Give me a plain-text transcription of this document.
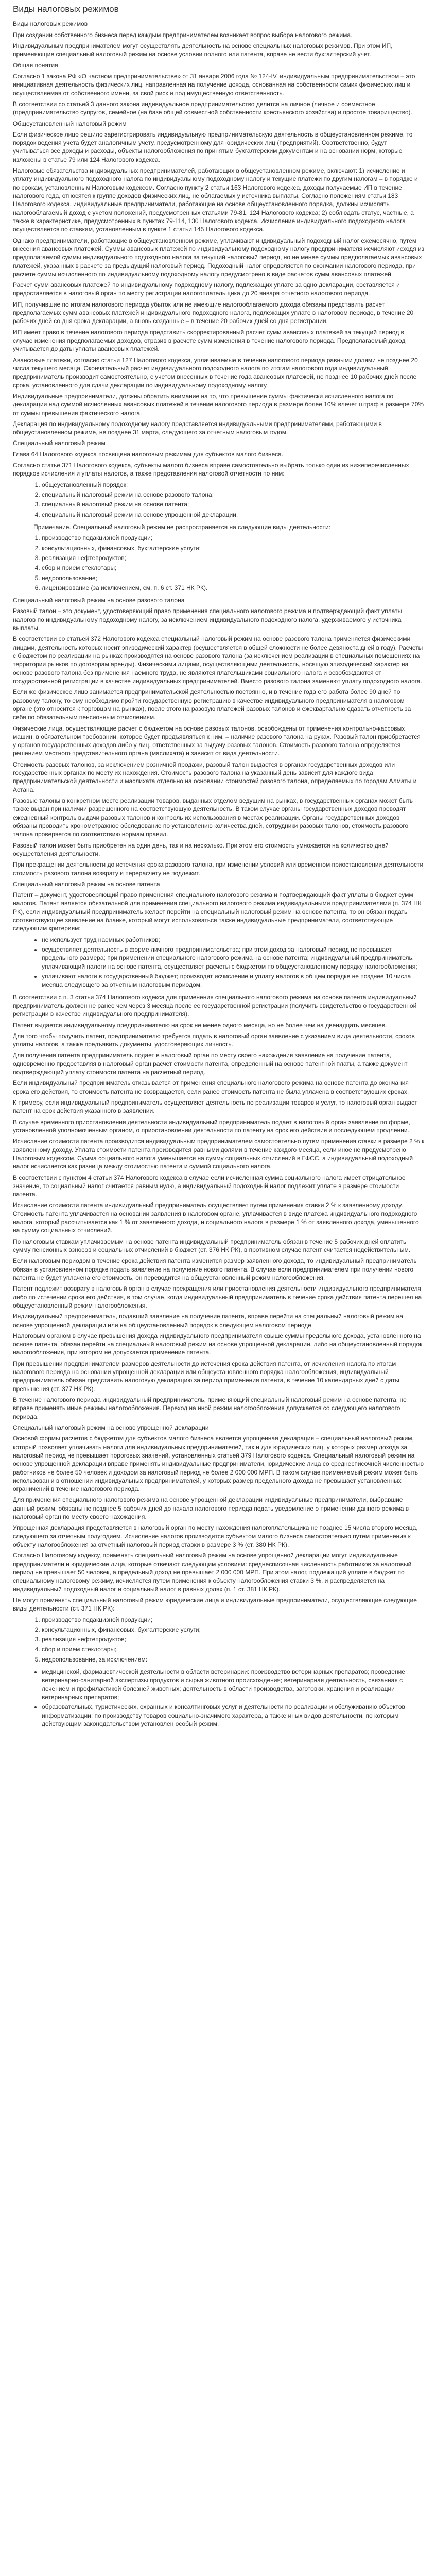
Виды налоговых режимов
Виды налоговых режимов

При создании собственного бизнеса перед каждым предпринимателем возникает вопрос выбора налогового режима.

Индивидуальным предпринимателем могут осуществлять деятельность на основе специальных налоговых режимов. При этом ИП, применяющие специальный налоговый режим на основе условии полного или патента, вправе не вести бухгалтерский учет.

Общая понятия

Согласно 1 закона РФ «О частном предпринимательстве» от 31 января 2006 года № 124-IV, индивидуальным предпринимательством – это инициативная деятельность физических лиц, направленная на получение дохода, основанная на собственности самих физических лиц и осуществляемая от собственного имени, за свой риск и под имущественную ответственность.

В соответствии со статьей 3 данного закона индивидуальное предпринимательство делится на личное (личное и совместное (предпринимательство супругов, семейное (на базе общей совместной собственности крестьянского хозяйства) и простое товарищество).

Общеустановленный налоговый режим

Если физическое лицо решило зарегистрировать индивидуальную предпринимательскую деятельность в общеустановленном режиме, то порядок ведения учета будет аналогичным учету, предусмотренному для юридических лиц (предприятий). Соответственно, будут учитываться все доходы и расходы, объекты налогообложения по принятым бухгалтерским документам и на основании норм, которые изложены в статье 79 или 124 Налогового кодекса.

Налоговые обязательства индивидуальных предпринимателей, работающих в общеустановленном режиме, включают: 1) исчисление и уплату индивидуального подоходного налога по индивидуальному подоходному налогу и текущие платежи по другим налогам – в порядке и по срокам, установленным Налоговым кодексом. Согласно пункту 2 статьи 163 Налогового кодекса, доходы получаемые ИП в течение налогового года, относятся к группе доходов физических лиц, не облагаемых у источника выплаты. Согласно положениям статьи 183 Налогового кодекса, индивидуальные предприниматели, работающие на основе общеустановленного порядка, должны исчислять налогооблагаемый доход с учетом положений, предусмотренных статьями 79-81, 124 Налогового кодекса; 2) соблюдать статус, частные, а также в характеристике, предусмотренных в пунктах 79-114, 130 Налогового кодекса. Исчисление индивидуального подоходного налога осуществляется по ставкам, установленным в пункте 1 статьи 145 Налогового кодекса.

Однако предприниматели, работающие в общеустановленном режиме, уплачивают индивидуальный подоходный налог ежемесячно, путем внесения авансовых платежей. Суммы авансовых платежей по индивидуальному подоходному налогу предпринимателя исчисляют исходя из предполагаемой суммы индивидуального подоходного налога за текущий налоговый период, но не менее суммы предполагаемых авансовых платежей, указанных в расчете за предыдущий налоговый период. Подоходный налог определяется по окончании налогового периода, при расчете суммы исчисленного по индивидуальному подоходному налогу предусмотрено в виде расчетов сумм авансовых платежей.

Расчет сумм авансовых платежей по индивидуальному подоходному налогу, подлежащих уплате за одно декларации, составляется и предоставляется в налоговый орган по месту регистрации налогоплательщика до 20 января отчетного налогового периода.

ИП, получившие по итогам налогового периода убыток или не имеющие налогооблагаемого дохода обязаны представить расчет предполагаемых сумм авансовых платежей индивидуального подоходного налога, подлежащих уплате в налоговом периоде, в течение 20 рабочих дней со дня срока декларации, а вновь созданные – в течение 20 рабочих дней со дня регистрации.

ИП имеет право в течение налогового периода представить скорректированный расчет сумм авансовых платежей за текущий период в случае изменения предполагаемых доходов, отразив в расчете сумм изменения в течение налогового периода. Предполагаемый доход учитывается до даты уплаты авансовых платежей.

Авансовые платежи, согласно статьи 127 Налогового кодекса, уплачиваемые в течение налогового периода равными долями не позднее 20 числа текущего месяца. Окончательный расчет индивидуального подоходного налога по итогам налогового года индивидуальный предприниматель производит самостоятельно, с учетом внесенных в течение года авансовых платежей, не позднее 10 рабочих дней после срока, установленного для сдачи декларации по индивидуальному подоходному налогу.

Индивидуальные предприниматели, должны обратить внимание на то, что превышение суммы фактически исчисленного налога по декларации над суммой исчисленных авансовых платежей в течение налогового периода в размере более 10% влечет штраф в размере 70% от суммы превышения фактического налога.

Декларация по индивидуальному подоходному налогу представляется индивидуальными предпринимателями, работающими в общеустановленном режиме, не позднее 31 марта, следующего за отчетным налоговым годом.

Специальный налоговый режим

Глава 64 Налогового кодекса посвящена налоговым режимам для субъектов малого бизнеса.

Согласно статье 371 Налогового кодекса, субъекты малого бизнеса вправе самостоятельно выбрать только один из нижеперечисленных порядков исчисления и уплаты налогов, а также представления налоговой отчетности по ним:

1. общеустановленный порядок;
2. специальный налоговый режим на основе разового талона;
3. специальный налоговый режим на основе патента;
4. специальный налоговый режим на основе упрощенной декларации.

Примечание. Специальный налоговый режим не распространяется на следующие виды деятельности:

1. производство подакцизной продукции;
2. консультационных, финансовых, бухгалтерские услуги;
3. реализация нефтепродуктов;
4. сбор и прием стеклотары;
5. недропользование;
6. лицензирование (за исключением, см. п. 6 ст. 371 НК РК).
Специальный налоговый режим на основе разового талона

Разовый талон – это документ, удостоверяющий право применения специального налогового режима и подтверждающий факт уплаты налогов по индивидуальному подоходному налогу, за исключением индивидуального подоходного налога, удерживаемого у источника выплаты.

В соответствии со статьей 372 Налогового кодекса специальный налоговый режим на основе разового талона применяется физическими лицами, деятельность которых носит эпизодический характер (осуществляется в общей сложности не более девяноста дней в году). Расчеты с бюджетом по реализации на рынках производятся на основе разового талона (за исключением реализации в специальных помещениях на территории рынков по договорам аренды). Физическими лицами, осуществляющими деятельность, носящую эпизодический характер на основе разового талона без применения наемного труда, не являются плательщиками социального налога и освобождаются от государственной регистрации в качестве индивидуальных предпринимателей. Вместо разового талона заменяют уплату подоходного налога.

Если же физическое лицо занимается предпринимательской деятельностью постоянно, и в течение года его работа более 90 дней по разовому талону, то ему необходимо пройти государственную регистрацию в качестве индивидуального предпринимателя в налоговом органе (это относится к торговцам на рынках), после этого на разовую платежей разовых талонов и ежеквартально сдавать отчетность за себя по обязательным пенсионным отчислениям.

Физические лица, осуществляющие расчет с бюджетом на основе разовых талонов, освобождены от применения контрольно-кассовых машин, в обязательном требовании, которое будет предъявляться к ним, – наличие разового талона на руках. Разовый талон приобретается у органов государственных доходов либо у лиц, ответственных за выдачу разовых талонов. Стоимость разового талона определяется решением местного представительного органа (маслихата) и зависит от вида деятельности.

Стоимость разовых талонов, за исключением розничной продажи, разовый талон выдается в органах государственных доходов или государственных органах по месту их нахождения. Стоимость разового талона на указанный день зависит для каждого вида предпринимательской деятельности и маслихата отдельно на основании стоимостей разового талона, определяемых по городам Алматы и Астана.

Разовые талоны в конкретном месте реализации товаров, выданных отделом ведущим на рынках, в государственных органах может быть также выдан при наличии разрешенного на соответствующую деятельность. В таком случае органы государственных доходов проводят ежедневный контроль выдачи разовых талонов и контроль их использования в местах реализации. Органы государственных доходов обязаны проводить хронометражное обследование по установлению количества дней, сотрудники разовых талонов, стоимость разового талона проверяется по соответствию нормам правил.

Разовый талон может быть приобретен на один день, так и на несколько. При этом его стоимость умножается на количество дней осуществления деятельности.

При прекращении деятельности до истечения срока разового талона, при изменении условий или временном приостановлении деятельности стоимость разового талона возврату и перерасчету не подлежит.

Специальный налоговый режим на основе патента

Патент – документ, удостоверяющий право применения специального налогового режима и подтверждающий факт уплаты в бюджет сумм налогов. Патент является обязательной для применения специального налогового режима индивидуальными предпринимателями (п. 374 НК РК), если индивидуальный предприниматель желает перейти на специальный налоговый режим на основе патента, то он обязан подать соответствующее заявление на бланке, который могут использоваться также индивидуальные предприниматели, соответствующие следующим критериям:

• не использует труд наемных работников;
• осуществляет деятельность в форме личного предпринимательства; при этом доход за налоговый период не превышает предельного размера; при применении специального налогового режима на основе патента; индивидуальный предприниматель, уплачивающий налоги на основе патента, осуществляет расчеты с бюджетом по общеустановленному порядку налогообложения;
• уплачивают налоги в государственный бюджет; производят исчисление и уплату налогов в общем порядке не позднее 10 числа месяца следующего за отчетным налоговым периодом.

В соответствии с п. 3 статьи 374 Налогового кодекса для применения специального налогового режима на основе патента индивидуальный предприниматель должен не ранее чем через 3 месяца после ее государственной регистрации (получить свидетельство о государственной регистрации в качестве индивидуального предпринимателя).

Патент выдается индивидуальному предпринимателю на срок не менее одного месяца, но не более чем на двенадцать месяцев.

Для того чтобы получить патент, предпринимателю требуется подать в налоговый орган заявление с указанием вида деятельности, сроков уплаты налогов, а также предъявить документы, удостоверяющих личность.

Для получения патента предприниматель подает в налоговый орган по месту своего нахождения заявление на получение патента, одновременно предоставляя в налоговый орган расчет стоимости патента, определенный на основе патентной платы, а также документ подтверждающий уплату стоимости патента на расчетный период.

Если индивидуальный предприниматель отказывается от применения специального налогового режима на основе патента до окончания срока его действия, то стоимость патента не возвращается, если ранее стоимость патента не была уплачена в соответствующих сроках.

К примеру, если индивидуальный предприниматель осуществляет деятельность по реализации товаров и услуг, то налоговый орган выдает патент на срок действия указанного в заявлении.

В случае временного приостановления деятельности индивидуальный предприниматель подает в налоговый орган заявление по форме, установленной уполномоченным органом, о приостановлении деятельности по патенту на срок его действия и последующем продлении.

Исчисление стоимости патента производится индивидуальным предпринимателем самостоятельно путем применения ставки в размере 2 % к заявленному доходу. Уплата стоимости патента производится равными долями в течение каждого месяца, если иное не предусмотрено Налоговым кодексом. Сумма социального налога уменьшается на сумму социальных отчислений в ГФСС, а индивидуальный подоходный налог исчисляется как разница между стоимостью патента и суммой социального налога.

В соответствии с пунктом 4 статьи 374 Налогового кодекса в случае если исчисленная сумма социального налога имеет отрицательное значение, то социальный налог считается равным нулю, а индивидуальный подоходный налог подлежит уплате в размере стоимости патента.

Исчисление стоимости патента индивидуальный предприниматель осуществляет путем применения ставки 2 % к заявленному доходу. Стоимость патента уплачивается на основании заявления в налоговом органе, уплачивается в виде платежа индивидуального подоходного налога, который рассчитывается как 1 % от заявленного дохода, и социального налога в размере 1 % от заявленного дохода, уменьшенного на сумму социальных отчислений.

По налоговым ставкам уплачиваемым на основе патента индивидуальный предприниматель обязан в течение 5 рабочих дней оплатить сумму пенсионных взносов и социальных отчислений в бюджет (ст. 376 НК РК), в противном случае патент считается недействительным.

Если налоговым периодом в течение срока действия патента изменится размер заявленного дохода, то индивидуальный предприниматель обязан в установленном порядке подать заявление на получение нового патента. В случае если предпринимателем при получении нового патента не будет уплачена его стоимость, он переводится на общеустановленный режим налогообложения.

Патент подлежит возврату в налоговый орган в случае прекращения или приостановления деятельности индивидуального предпринимателя либо по истечении срока его действия, в том случае, когда индивидуальный предприниматель в течение срока действия патента перешел на общеустановленный режим налогообложения.

Индивидуальный предприниматель, подавший заявление на получение патента, вправе перейти на специальный налоговый режим на основе упрощенной декларации или на общеустановленный порядок в следующем налоговом периоде.

Налоговым органом в случае превышения дохода индивидуального предпринимателя свыше суммы предельного дохода, установленного на основе патента, обязан перейти на специальный налоговый режим на основе упрощенной декларации, либо на общеустановленный порядок налогообложения, при котором не допускается применение патента.

При превышении предпринимателем размеров деятельности до истечения срока действия патента, от исчисления налога по итогам налогового периода на основании упрощенной декларации или общеустановленного порядка налогообложения, индивидуальный предприниматель обязан представить налоговую декларацию за период применения патента, в течение 10 календарных дней с даты превышения (ст. 377 НК РК).

В течение налогового периода индивидуальный предприниматель, применяющий специальный налоговый режим на основе патента, не вправе применять иные режимы налогообложения. Переход на иной режим налогообложения допускается со следующего налогового периода.

Специальный налоговый режим на основе упрощенной декларации

Основой формы расчетов с бюджетом для субъектов малого бизнеса является упрощенная декларация – специальный налоговый режим, который позволяет уплачивать налоги для индивидуальных предпринимателей, так и для юридических лиц, у которых размер дохода за налоговый период не превышает пороговых значений, установленных статьей 379 Налогового кодекса. Специальный налоговый режим на основе упрощенной декларации вправе применять индивидуальные предприниматели, юридические лица со среднесписочной численностью работников не более 50 человек и доходом за налоговый период не более 2 000 000 МРП. В таком случае применяемый режим может быть использован и в отношении индивидуальных предпринимателей, у которых размер предельного дохода не превышает установленных ограничений в течение налогового периода.

Для применения специального налогового режима на основе упрощенной декларации индивидуальные предприниматели, выбравшие данный режим, обязаны не позднее 5 рабочих дней до начала налогового периода подать уведомление о применении данного режима в налоговый орган по месту своего нахождения.

Упрощенная декларация представляется в налоговый орган по месту нахождения налогоплательщика не позднее 15 числа второго месяца, следующего за отчетным полугодием. Исчисление налогов производится субъектом малого бизнеса самостоятельно путем применения к объекту налогообложения за отчетный налоговый период ставки в размере 3 % (ст. 380 НК РК).

Согласно Налоговому кодексу, применять специальный налоговый режим на основе упрощенной декларации могут индивидуальные предприниматели и юридические лица, которые отвечают следующим условиям: среднесписочная численность работников за налоговый период не превышает 50 человек, а предельный доход не превышает 2 000 000 МРП. При этом налог, подлежащий уплате в бюджет по специальному налоговому режиму, исчисляется путем применения к объекту налогообложения ставки 3 %, и распределяется на индивидуальный подоходный налог и социальный налог в равных долях (п. 1 ст. 381 НК РК).

Не могут применять специальный налоговый режим юридические лица и индивидуальные предприниматели, осуществляющие следующие виды деятельности (ст. 371 НК РК):

1. производство подакцизной продукции;
2. консультационных, финансовых, бухгалтерские услуги;
3. реализация нефтепродуктов;
4. сбор и прием стеклотары;
5. недропользование, за исключением:
• медицинской, фармацевтической деятельности в области ветеринарии: производство ветеринарных препаратов; проведение ветеринарно-санитарной экспертизы продуктов и сырья животного происхождения; ветеринарная деятельность, связанная с лечением и профилактикой болезней животных; деятельность в области производства, заготовки, хранения и реализации ветеринарных препаратов;
• образовательных, туристических, охранных и консалтинговых услуг и деятельности по реализации и обслуживанию объектов информатизации; по производству товаров социально-значимого характера, а также иных видов деятельности, по которым действующим законодательством установлен особый режим.
